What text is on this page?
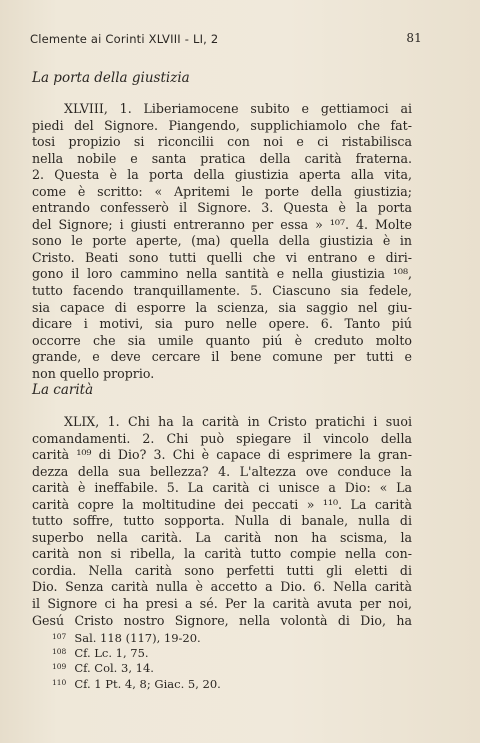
Clemente ai Corinti XLVIII - LI, 2	81
La porta della giustizia
XLVIII, 1. Liberiamocene subito e gettiamoci ai
piedi del Signore. Piangendo, supplichiamolo che fat-
tosi propizio si riconcilii con noi e ci ristabilisca
nella nobile e santa pratica della carità fraterna.
2. Questa è la porta della giustizia aperta alla vita,
come è scritto: « Apritemi le porte della giustizia;
entrando confesserò il Signore. 3. Questa è la porta
del Signore; i giusti entreranno per essa » ¹⁰⁷. 4. Molte
sono le porte aperte, (ma) quella della giustizia è in
Cristo. Beati sono tutti quelli che vi entrano e diri-
gono il loro cammino nella santità e nella giustizia ¹⁰⁸,
tutto facendo tranquillamente. 5. Ciascuno sia fedele,
sia capace di esporre la scienza, sia saggio nel giu-
dicare i motivi, sia puro nelle opere. 6. Tanto piú
occorre che sia umile quanto piú è creduto molto
grande, e deve cercare il bene comune per tutti e
non quello proprio.
La carità
XLIX, 1. Chi ha la carità in Cristo pratichi i suoi
comandamenti. 2. Chi può spiegare il vincolo della
carità ¹⁰⁹ di Dio? 3. Chi è capace di esprimere la gran-
dezza della sua bellezza? 4. L'altezza ove conduce la
carità è ineffabile. 5. La carità ci unisce a Dio: « La
carità copre la moltitudine dei peccati » ¹¹⁰. La carità
tutto soffre, tutto sopporta. Nulla di banale, nulla di
superbo nella carità. La carità non ha scisma, la
carità non si ribella, la carità tutto compie nella con-
cordia. Nella carità sono perfetti tutti gli eletti di
Dio. Senza carità nulla è accetto a Dio. 6. Nella carità
il Signore ci ha presi a sé. Per la carità avuta per noi,
Gesú Cristo nostro Signore, nella volontà di Dio, ha
$^{107}$ Sal. 118 (117), 19-20.
$^{108}$ Cf. Lc. 1, 75.
$^{109}$ Cf. Col. 3, 14.
$^{110}$ Cf. 1 Pt. 4, 8; Giac. 5, 20.
